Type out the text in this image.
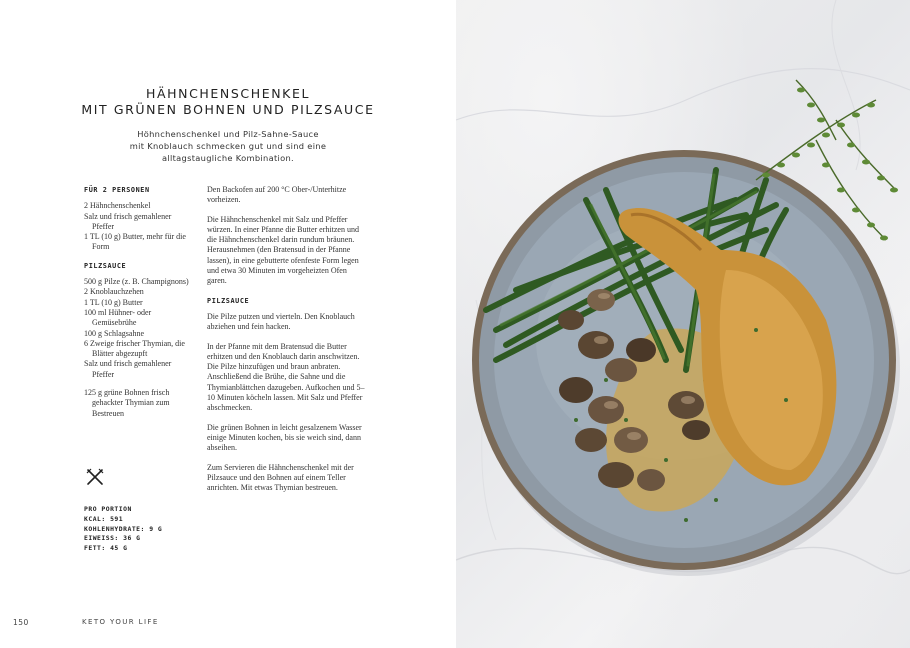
HÄHNCHENSCHENKEL
MIT GRÜNEN BOHNEN UND PILZSAUCE
Höhnchenschenkel und Pilz-Sahne-Sauce
mit Knoblauch schmecken gut und sind eine
alltagstaugliche Kombination.
FÜR 2 PERSONEN
2 Hähnchenschenkel
Salz und frisch gemahlener Pfeffer
1 TL (10 g) Butter, mehr für die Form
PILZSAUCE
500 g Pilze (z. B. Champignons)
2 Knoblauchzehen
1 TL (10 g) Butter
100 ml Hühner- oder Gemüsebrühe
100 g Schlagsahne
6 Zweige frischer Thymian, die Blätter abgezupft
Salz und frisch gemahlener Pfeffer
125 g grüne Bohnen frisch gehackter Thymian zum Bestreuen
PRO PORTION
KCAL: 591
KOHLENHYDRATE: 9 G
EIWEISS: 36 G
FETT: 45 G
Den Backofen auf 200 °C Ober-/Unterhitze vorheizen.
Die Hähnchenschenkel mit Salz und Pfeffer würzen. In einer Pfanne die Butter erhitzen und die Hähnchenschenkel darin rundum bräunen. Herausnehmen (den Bratensud in der Pfanne lassen), in eine gebutterte ofenfeste Form legen und etwa 30 Minuten im vorgeheizten Ofen garen.
PILZSAUCE
Die Pilze putzen und vierteln. Den Knoblauch abziehen und fein hacken.
In der Pfanne mit dem Bratensud die Butter erhitzen und den Knoblauch darin anschwitzen. Die Pilze hinzufügen und braun anbraten. Anschließend die Brühe, die Sahne und die Thymianblättchen dazugeben. Aufkochen und 5–10 Minuten köcheln lassen. Mit Salz und Pfeffer abschmecken.
Die grünen Bohnen in leicht gesalzenem Wasser einige Minuten kochen, bis sie weich sind, dann abseihen.
Zum Servieren die Hähnchenschenkel mit der Pilzsauce und den Bohnen auf einem Teller anrichten. Mit etwas Thymian bestreuen.
150	KETO YOUR LIFE
